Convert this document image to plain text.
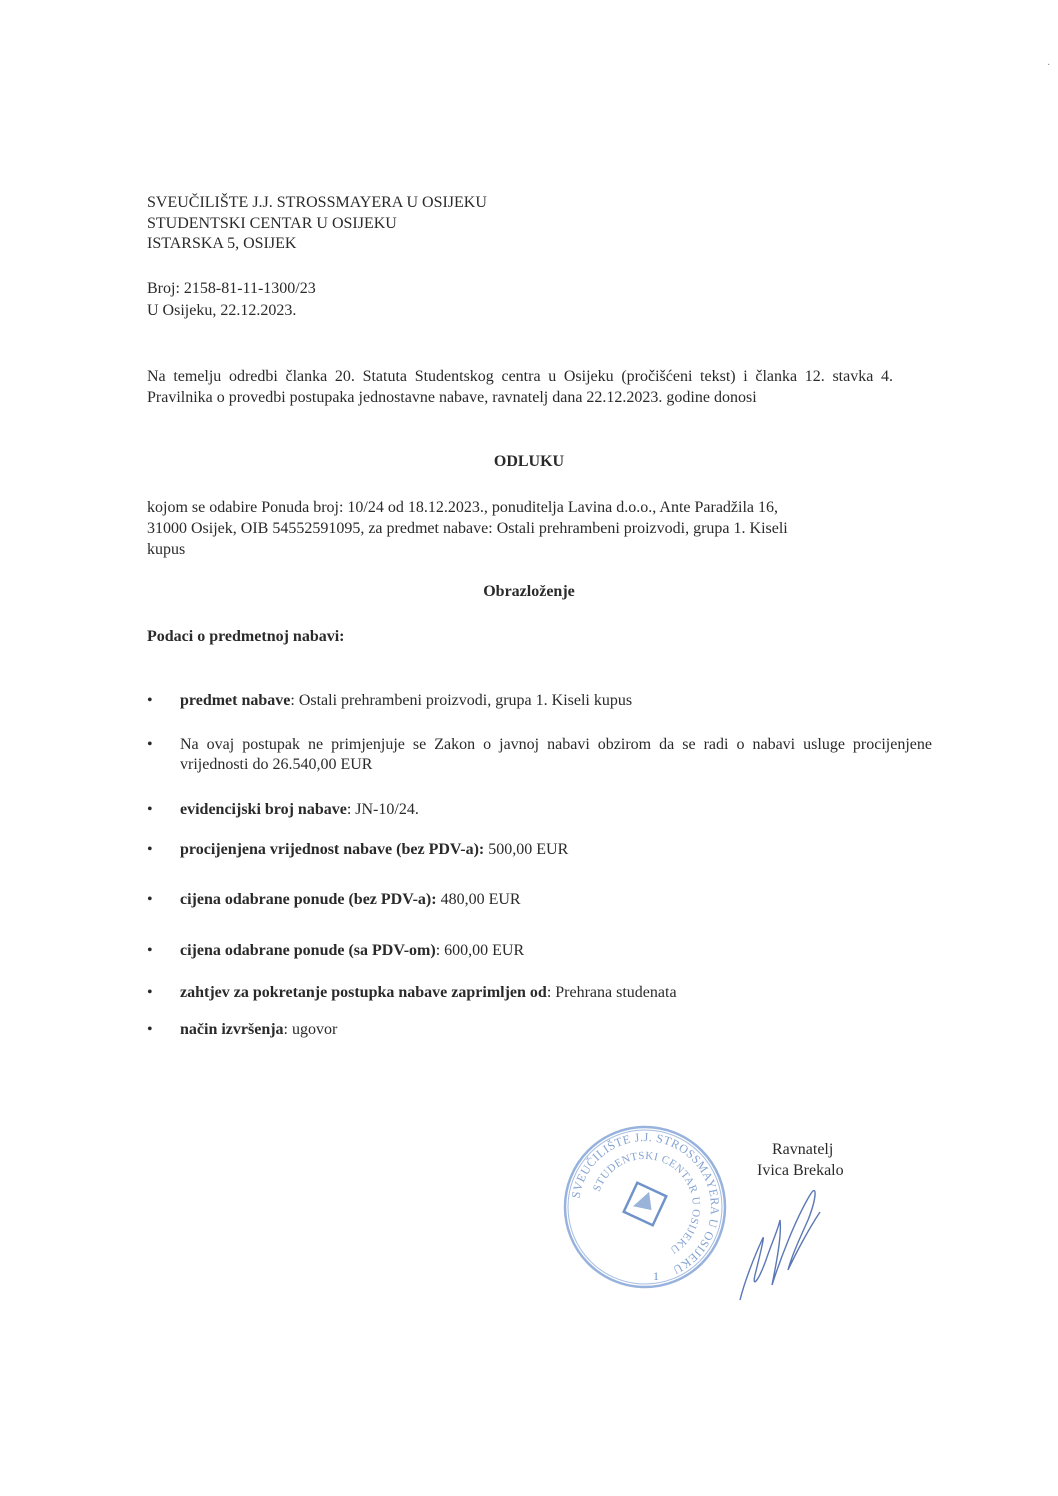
SVEUČILIŠTE J.J. STROSSMAYERA U OSIJEKU
STUDENTSKI CENTAR U OSIJEKU
ISTARSKA 5, OSIJEK
Broj: 2158-81-11-1300/23
U Osijeku, 22.12.2023.
Na temelju odredbi članka 20. Statuta Studentskog centra u Osijeku (pročišćeni tekst) i članka 12. stavka 4. Pravilnika o provedbi postupaka jednostavne nabave, ravnatelj dana 22.12.2023. godine donosi
ODLUKU
kojom se odabire Ponuda broj: 10/24 od 18.12.2023., ponuditelja Lavina d.o.o., Ante Paradžila 16,
31000 Osijek, OIB 54552591095, za predmet nabave: Ostali prehrambeni proizvodi, grupa 1. Kiseli
kupus
Obrazloženje
Podaci o predmetnoj nabavi:
• predmet nabave: Ostali prehrambeni proizvodi, grupa 1. Kiseli kupus
• Na ovaj postupak ne primjenjuje se Zakon o javnoj nabavi obzirom da se radi o nabavi usluge procijenjene vrijednosti do 26.540,00 EUR
• evidencijski broj nabave: JN-10/24.
• procijenjena vrijednost nabave (bez PDV-a): 500,00 EUR
• cijena odabrane ponude (bez PDV-a): 480,00 EUR
• cijena odabrane ponude (sa PDV-om): 600,00 EUR
• zahtjev za pokretanje postupka nabave zaprimljen od: Prehrana studenata
• način izvršenja: ugovor
SVEUČILIŠTE J.J. STROSSMAYERA U OSIJEKU
STUDENTSKI CENTAR U OSIJEKU
1
Ravnatelj
Ivica Brekalo
·
